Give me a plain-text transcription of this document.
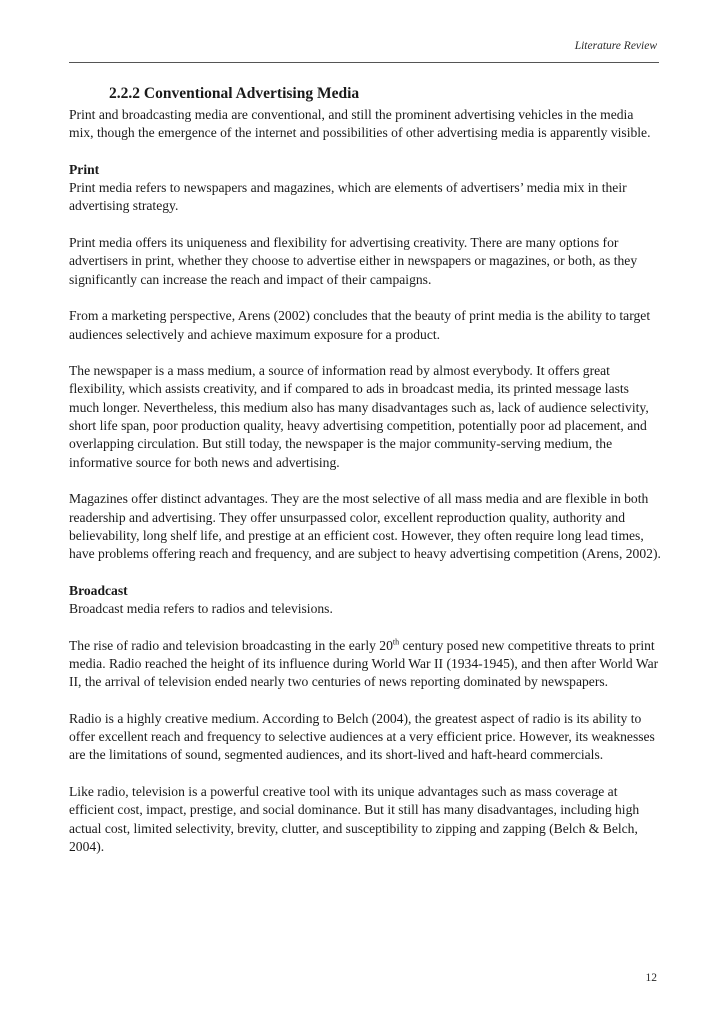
Literature Review
2.2.2 Conventional Advertising Media

Print and broadcasting media are conventional, and still the prominent advertising vehicles in the media mix, though the emergence of the internet and possibilities of other advertising media is apparently visible.

Print
Print media refers to newspapers and magazines, which are elements of advertisers’ media mix in their advertising strategy.

Print media offers its uniqueness and flexibility for advertising creativity. There are many options for advertisers in print, whether they choose to advertise either in newspapers or magazines, or both, as they significantly can increase the reach and impact of their campaigns.

From a marketing perspective, Arens (2002) concludes that the beauty of print media is the ability to target audiences selectively and achieve maximum exposure for a product.

The newspaper is a mass medium, a source of information read by almost everybody. It offers great flexibility, which assists creativity, and if compared to ads in broadcast media, its printed message lasts much longer. Nevertheless, this medium also has many disadvantages such as, lack of audience selectivity, short life span, poor production quality, heavy advertising competition, potentially poor ad placement, and overlapping circulation. But still today, the newspaper is the major community-serving medium, the informative source for both news and advertising.

Magazines offer distinct advantages. They are the most selective of all mass media and are flexible in both readership and advertising. They offer unsurpassed color, excellent reproduction quality, authority and believability, long shelf life, and prestige at an efficient cost. However, they often require long lead times, have problems offering reach and frequency, and are subject to heavy advertising competition (Arens, 2002).

Broadcast
Broadcast media refers to radios and televisions.

The rise of radio and television broadcasting in the early 20th century posed new competitive threats to print media. Radio reached the height of its influence during World War II (1934-1945), and then after World War II, the arrival of television ended nearly two centuries of news reporting dominated by newspapers.

Radio is a highly creative medium. According to Belch (2004), the greatest aspect of radio is its ability to offer excellent reach and frequency to selective audiences at a very efficient price. However, its weaknesses are the limitations of sound, segmented audiences, and its short-lived and haft-heard commercials.

Like radio, television is a powerful creative tool with its unique advantages such as mass coverage at efficient cost, impact, prestige, and social dominance. But it still has many disadvantages, including high actual cost, limited selectivity, brevity, clutter, and susceptibility to zipping and zapping (Belch & Belch, 2004).

12
